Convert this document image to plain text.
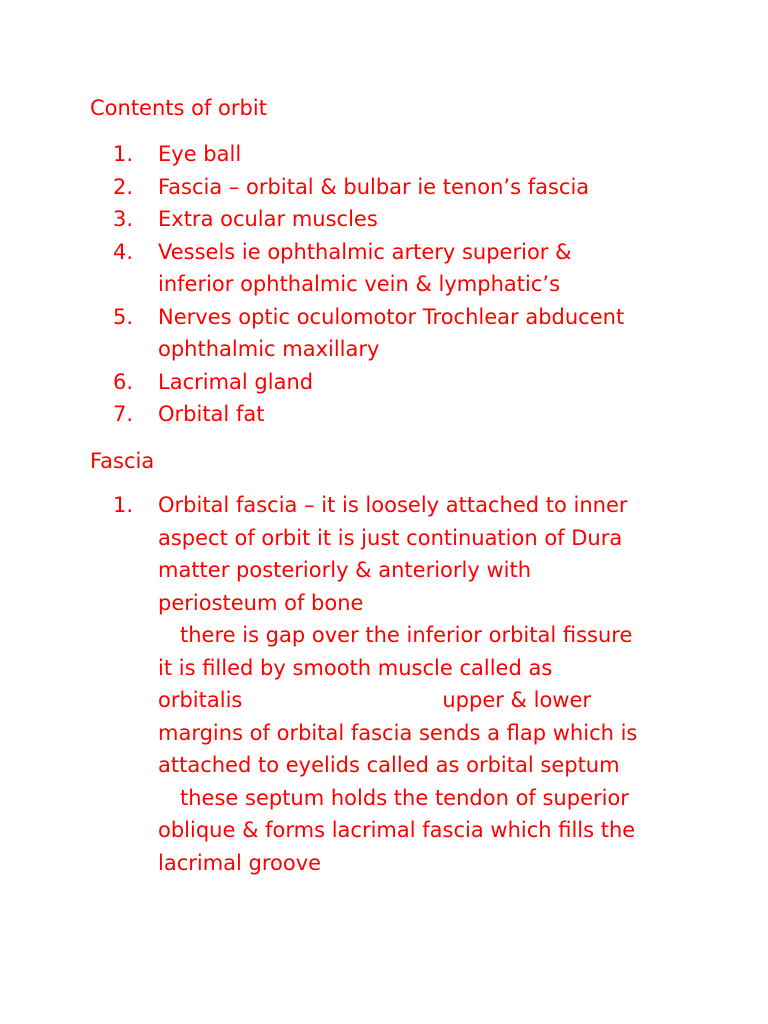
Contents of orbit

1. Eye ball
2. Fascia – orbital & bulbar ie tenon’s fascia
3. Extra ocular muscles
4. Vessels ie ophthalmic artery superior &
inferior ophthalmic vein & lymphatic’s
5. Nerves optic oculomotor Trochlear abducent
ophthalmic maxillary
6. Lacrimal gland
7. Orbital fat

Fascia

1. Orbital fascia – it is loosely attached to inner
aspect of orbit it is just continuation of Dura
matter posteriorly & anteriorly with
periosteum of bone
there is gap over the inferior orbital fissure
it is filled by smooth muscle called as
orbitalis	upper & lower
margins of orbital fascia sends a flap which is
attached to eyelids called as orbital septum
these septum holds the tendon of superior
oblique & forms lacrimal fascia which fills the
lacrimal groove
